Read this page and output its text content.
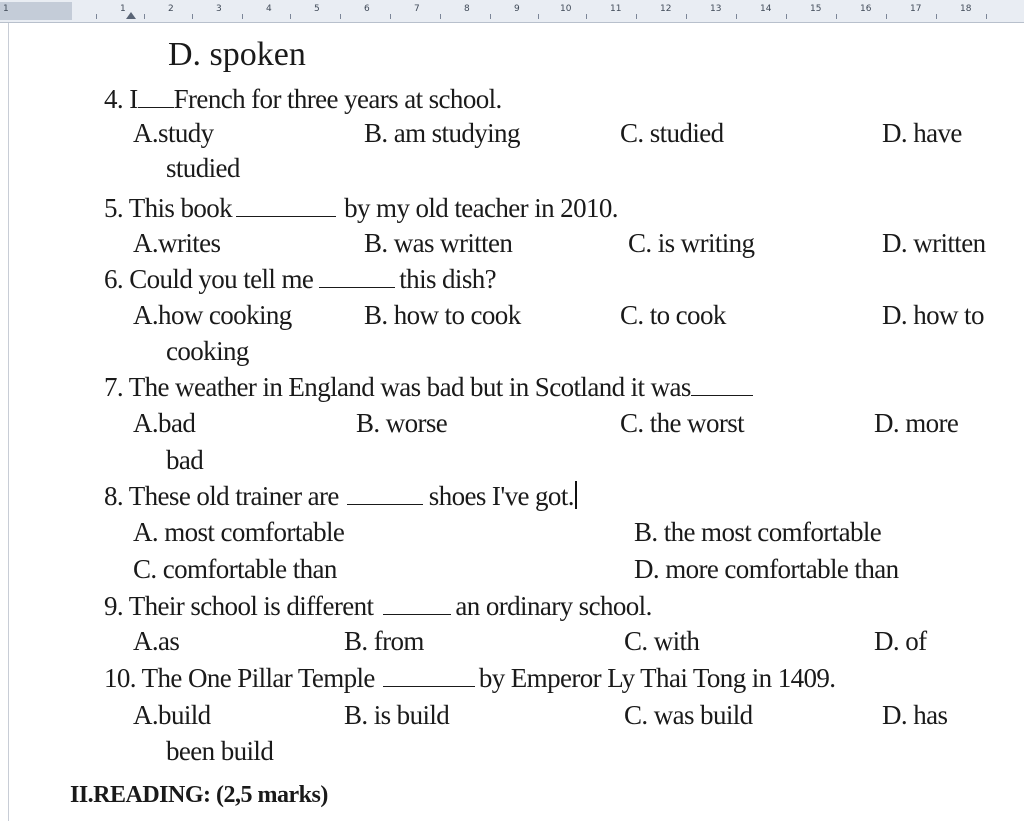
1	1	2	3	4	5	6	7	8	9	10	11	12	13	14	15	16	17	18
D. spoken
4. I French for three years at school.
A.study	B. am studying	C. studied	D. have
studied
5. This book	by my old teacher in 2010.
A.writes	B. was written	C. is writing	D. written
6. Could you tell me	this dish?
A.how cooking	B. how to cook	C. to cook	D. how to
cooking
7. The weather in England was bad but in Scotland it was
A.bad	B. worse	C. the worst	D. more
bad
8. These old trainer are	shoes I've got.
A. most comfortable	B. the most comfortable
C. comfortable than	D. more comfortable than
9. Their school is different	an ordinary school.
A.as	B. from	C. with	D. of
10. The One Pillar Temple	by Emperor Ly Thai Tong in 1409.
A.build	B. is build	C. was build	D. has
been build
II.READING: (2,5 marks)
